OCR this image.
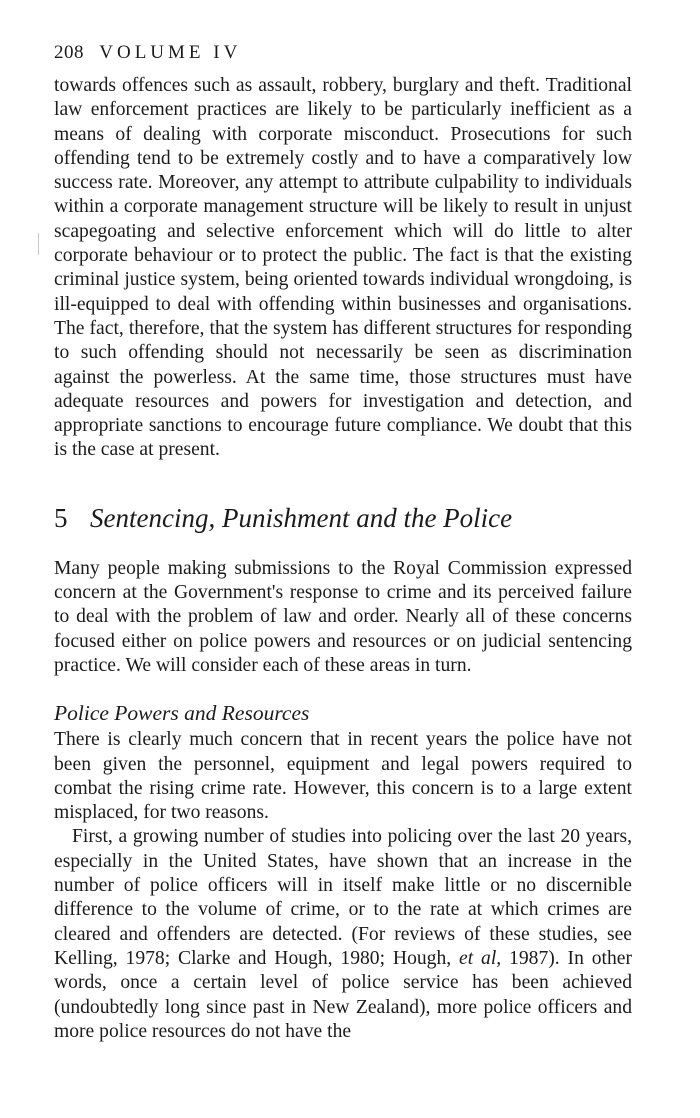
208 VOLUME IV

towards offences such as assault, robbery, burglary and theft. Traditional law enforcement practices are likely to be particularly inefficient as a means of dealing with corporate misconduct. Prosecutions for such offending tend to be extremely costly and to have a comparatively low success rate. Moreover, any attempt to attribute culpability to individuals within a corporate management structure will be likely to result in unjust scapegoating and selective enforcement which will do little to alter corporate behaviour or to protect the public. The fact is that the existing criminal justice system, being oriented towards individual wrongdoing, is ill-equipped to deal with offending within businesses and organisations. The fact, therefore, that the system has different structures for responding to such offending should not necessarily be seen as discrimination against the powerless. At the same time, those structures must have adequate resources and powers for investigation and detection, and appropriate sanctions to encourage future compliance. We doubt that this is the case at present.

5 Sentencing, Punishment and the Police

Many people making submissions to the Royal Commission expressed concern at the Government's response to crime and its perceived failure to deal with the problem of law and order. Nearly all of these concerns focused either on police powers and resources or on judicial sentencing practice. We will consider each of these areas in turn.

Police Powers and Resources

There is clearly much concern that in recent years the police have not been given the personnel, equipment and legal powers required to combat the rising crime rate. However, this concern is to a large extent misplaced, for two reasons.

First, a growing number of studies into policing over the last 20 years, especially in the United States, have shown that an increase in the number of police officers will in itself make little or no discernible difference to the volume of crime, or to the rate at which crimes are cleared and offenders are detected. (For reviews of these studies, see Kelling, 1978; Clarke and Hough, 1980; Hough, et al, 1987). In other words, once a certain level of police service has been achieved (undoubtedly long since past in New Zealand), more police officers and more police resources do not have the
